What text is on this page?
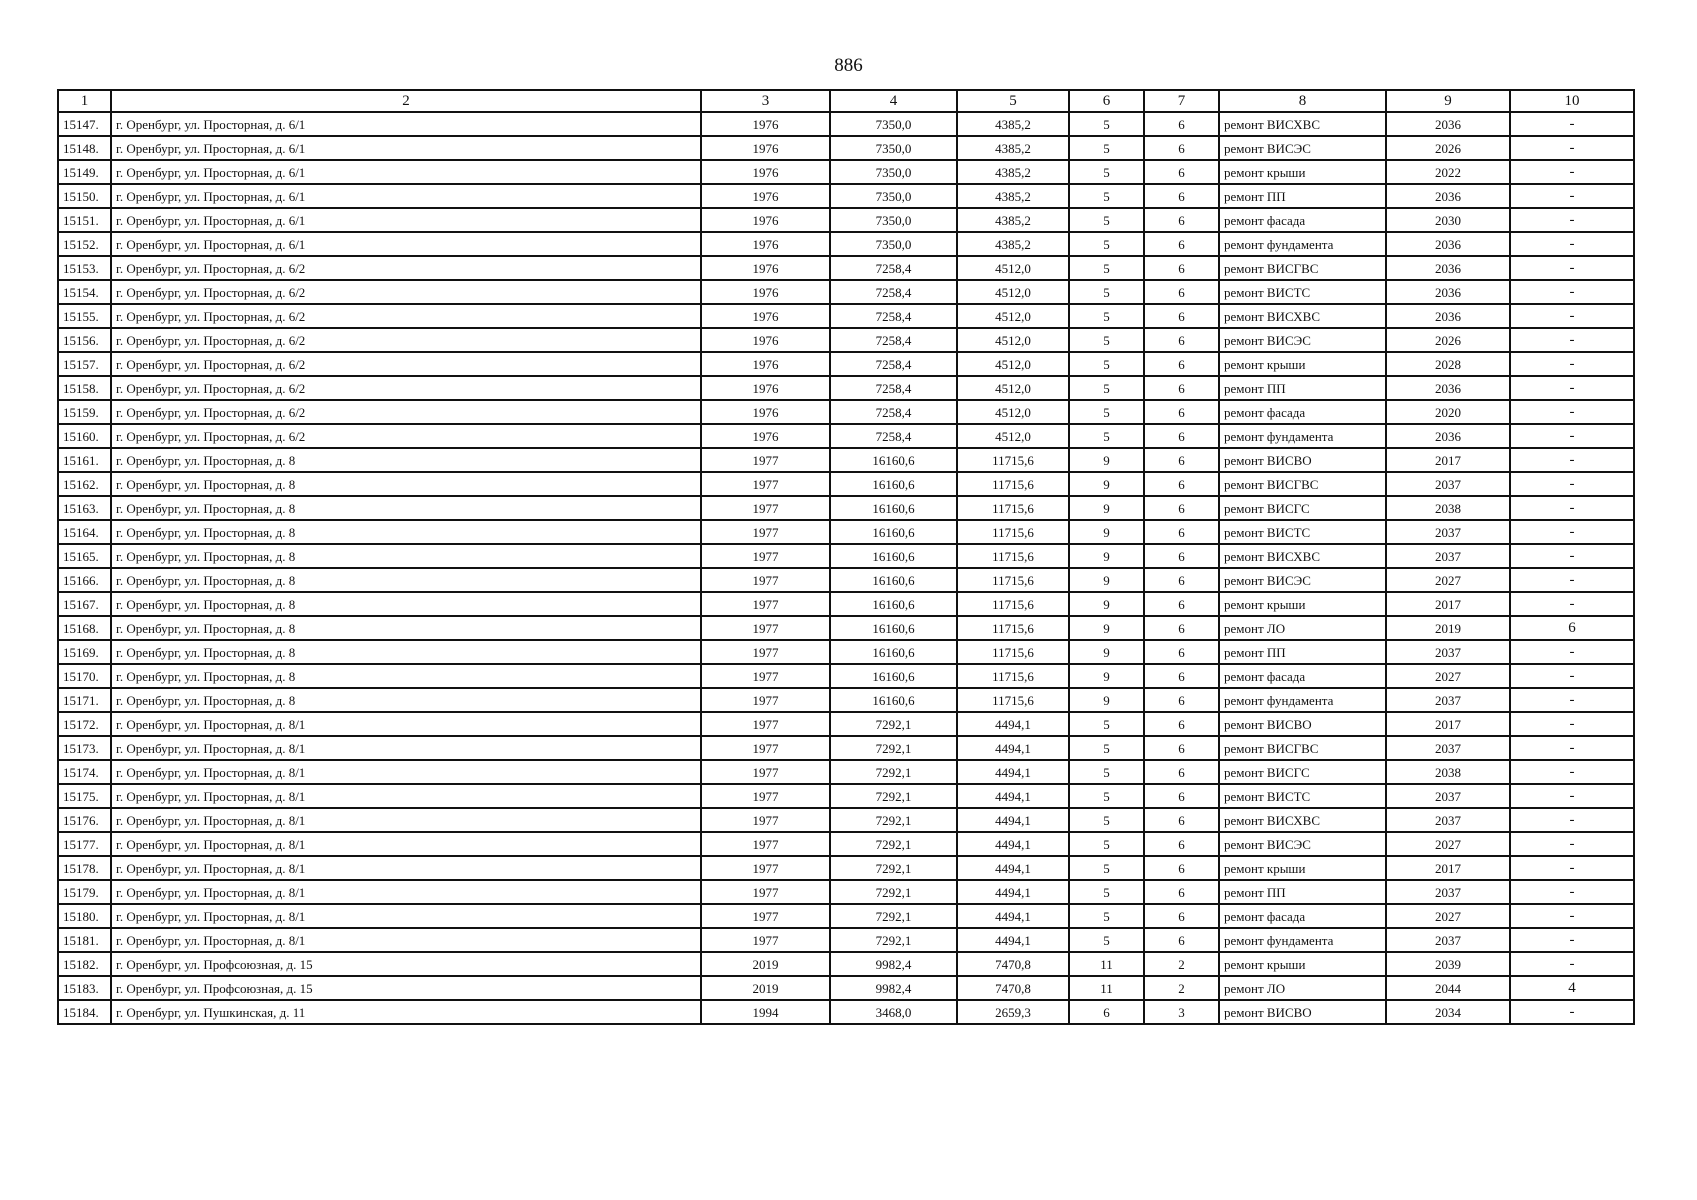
886
1	2	3	4	5	6	7	8	9	10
15147.	г. Оренбург, ул. Просторная, д. 6/1	1976	7350,0	4385,2	5	6	ремонт ВИСХВС	2036	-
15148.	г. Оренбург, ул. Просторная, д. 6/1	1976	7350,0	4385,2	5	6	ремонт ВИСЭС	2026	-
15149.	г. Оренбург, ул. Просторная, д. 6/1	1976	7350,0	4385,2	5	6	ремонт крыши	2022	-
15150.	г. Оренбург, ул. Просторная, д. 6/1	1976	7350,0	4385,2	5	6	ремонт ПП	2036	-
15151.	г. Оренбург, ул. Просторная, д. 6/1	1976	7350,0	4385,2	5	6	ремонт фасада	2030	-
15152.	г. Оренбург, ул. Просторная, д. 6/1	1976	7350,0	4385,2	5	6	ремонт фундамента	2036	-
15153.	г. Оренбург, ул. Просторная, д. 6/2	1976	7258,4	4512,0	5	6	ремонт ВИСГВС	2036	-
15154.	г. Оренбург, ул. Просторная, д. 6/2	1976	7258,4	4512,0	5	6	ремонт ВИСТС	2036	-
15155.	г. Оренбург, ул. Просторная, д. 6/2	1976	7258,4	4512,0	5	6	ремонт ВИСХВС	2036	-
15156.	г. Оренбург, ул. Просторная, д. 6/2	1976	7258,4	4512,0	5	6	ремонт ВИСЭС	2026	-
15157.	г. Оренбург, ул. Просторная, д. 6/2	1976	7258,4	4512,0	5	6	ремонт крыши	2028	-
15158.	г. Оренбург, ул. Просторная, д. 6/2	1976	7258,4	4512,0	5	6	ремонт ПП	2036	-
15159.	г. Оренбург, ул. Просторная, д. 6/2	1976	7258,4	4512,0	5	6	ремонт фасада	2020	-
15160.	г. Оренбург, ул. Просторная, д. 6/2	1976	7258,4	4512,0	5	6	ремонт фундамента	2036	-
15161.	г. Оренбург, ул. Просторная, д. 8	1977	16160,6	11715,6	9	6	ремонт ВИСВО	2017	-
15162.	г. Оренбург, ул. Просторная, д. 8	1977	16160,6	11715,6	9	6	ремонт ВИСГВС	2037	-
15163.	г. Оренбург, ул. Просторная, д. 8	1977	16160,6	11715,6	9	6	ремонт ВИСГС	2038	-
15164.	г. Оренбург, ул. Просторная, д. 8	1977	16160,6	11715,6	9	6	ремонт ВИСТС	2037	-
15165.	г. Оренбург, ул. Просторная, д. 8	1977	16160,6	11715,6	9	6	ремонт ВИСХВС	2037	-
15166.	г. Оренбург, ул. Просторная, д. 8	1977	16160,6	11715,6	9	6	ремонт ВИСЭС	2027	-
15167.	г. Оренбург, ул. Просторная, д. 8	1977	16160,6	11715,6	9	6	ремонт крыши	2017	-
15168.	г. Оренбург, ул. Просторная, д. 8	1977	16160,6	11715,6	9	6	ремонт ЛО	2019	6
15169.	г. Оренбург, ул. Просторная, д. 8	1977	16160,6	11715,6	9	6	ремонт ПП	2037	-
15170.	г. Оренбург, ул. Просторная, д. 8	1977	16160,6	11715,6	9	6	ремонт фасада	2027	-
15171.	г. Оренбург, ул. Просторная, д. 8	1977	16160,6	11715,6	9	6	ремонт фундамента	2037	-
15172.	г. Оренбург, ул. Просторная, д. 8/1	1977	7292,1	4494,1	5	6	ремонт ВИСВО	2017	-
15173.	г. Оренбург, ул. Просторная, д. 8/1	1977	7292,1	4494,1	5	6	ремонт ВИСГВС	2037	-
15174.	г. Оренбург, ул. Просторная, д. 8/1	1977	7292,1	4494,1	5	6	ремонт ВИСГС	2038	-
15175.	г. Оренбург, ул. Просторная, д. 8/1	1977	7292,1	4494,1	5	6	ремонт ВИСТС	2037	-
15176.	г. Оренбург, ул. Просторная, д. 8/1	1977	7292,1	4494,1	5	6	ремонт ВИСХВС	2037	-
15177.	г. Оренбург, ул. Просторная, д. 8/1	1977	7292,1	4494,1	5	6	ремонт ВИСЭС	2027	-
15178.	г. Оренбург, ул. Просторная, д. 8/1	1977	7292,1	4494,1	5	6	ремонт крыши	2017	-
15179.	г. Оренбург, ул. Просторная, д. 8/1	1977	7292,1	4494,1	5	6	ремонт ПП	2037	-
15180.	г. Оренбург, ул. Просторная, д. 8/1	1977	7292,1	4494,1	5	6	ремонт фасада	2027	-
15181.	г. Оренбург, ул. Просторная, д. 8/1	1977	7292,1	4494,1	5	6	ремонт фундамента	2037	-
15182.	г. Оренбург, ул. Профсоюзная, д. 15	2019	9982,4	7470,8	11	2	ремонт крыши	2039	-
15183.	г. Оренбург, ул. Профсоюзная, д. 15	2019	9982,4	7470,8	11	2	ремонт ЛО	2044	4
15184.	г. Оренбург, ул. Пушкинская, д. 11	1994	3468,0	2659,3	6	3	ремонт ВИСВО	2034	-
